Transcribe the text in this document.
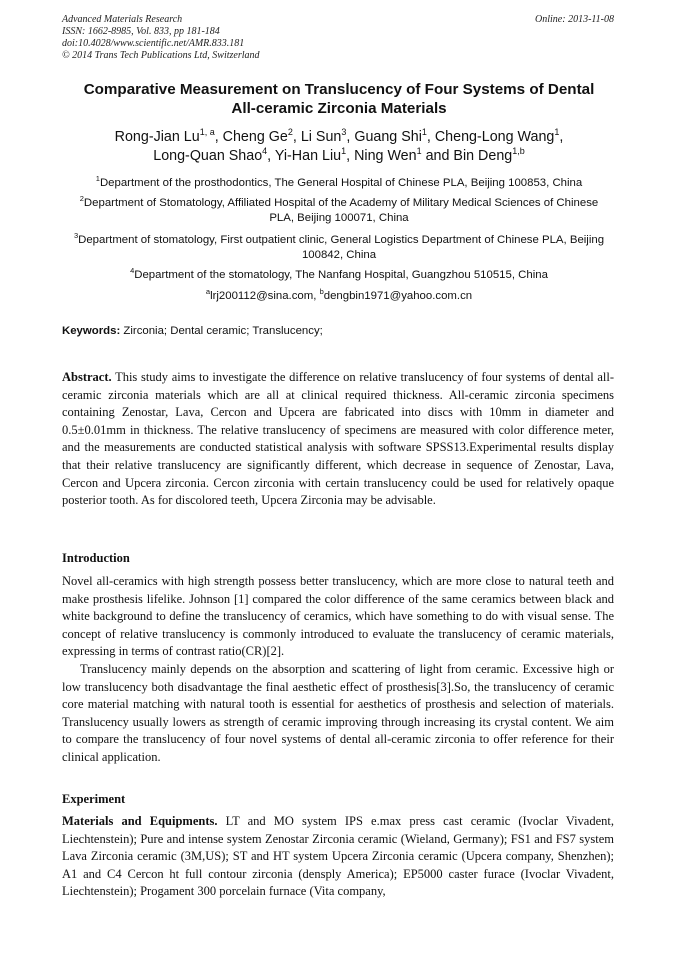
Advanced Materials Research
ISSN: 1662-8985, Vol. 833, pp 181-184
doi:10.4028/www.scientific.net/AMR.833.181
© 2014 Trans Tech Publications Ltd, Switzerland
Online: 2013-11-08
Comparative Measurement on Translucency of Four Systems of Dental
All-ceramic Zirconia Materials
Rong-Jian Lu$^{1, a}$, Cheng Ge$^2$, Li Sun$^3$, Guang Shi$^1$, Cheng-Long Wang$^1$,
Long-Quan Shao$^4$, Yi-Han Liu$^1$, Ning Wen$^1$ and Bin Deng$^{1,b}$
$^1$Department of the prosthodontics, The General Hospital of Chinese PLA, Beijing 100853, China
$^2$Department of Stomatology, Affiliated Hospital of the Academy of Military Medical Sciences of Chinese PLA, Beijing 100071, China
$^3$Department of stomatology, First outpatient clinic, General Logistics Department of Chinese PLA, Beijing 100842, China
$^4$Department of the stomatology, The Nanfang Hospital, Guangzhou 510515, China
$^a$lrj200112@sina.com, $^b$dengbin1971@yahoo.com.cn
Keywords: Zirconia; Dental ceramic; Translucency;

Abstract. This study aims to investigate the difference on relative translucency of four systems of dental all-ceramic zirconia materials which are all at clinical required thickness. All-ceramic zirconia specimens containing Zenostar, Lava, Cercon and Upcera are fabricated into discs with 10mm in diameter and 0.5±0.01mm in thickness. The relative translucency of specimens are measured with color difference meter, and the measurements are conducted statistical analysis with software SPSS13.Experimental results display that their relative translucency are significantly different, which decrease in sequence of Zenostar, Lava, Cercon and Upcera zirconia. Cercon zirconia with certain translucency could be used for relatively opaque posterior tooth. As for discolored teeth, Upcera Zirconia may be advisable.

Introduction

Novel all-ceramics with high strength possess better translucency, which are more close to natural teeth and make prosthesis lifelike. Johnson [1] compared the color difference of the same ceramics between black and white background to define the translucency of ceramics, which have something to do with visual sense. The concept of relative translucency is commonly introduced to evaluate the translucency of ceramic materials, expressing in terms of contrast ratio(CR)[2].

Translucency mainly depends on the absorption and scattering of light from ceramic. Excessive high or low translucency both disadvantage the final aesthetic effect of prosthesis[3].So, the translucency of ceramic core material matching with natural tooth is essential for aesthetics of prosthesis and selection of materials. Translucency usually lowers as strength of ceramic improving through increasing its crystal content. We aim to compare the translucency of four novel systems of dental all-ceramic zirconia to offer reference for their clinical application.

Experiment

Materials and Equipments. LT and MO system IPS e.max press cast ceramic (Ivoclar Vivadent, Liechtenstein); Pure and intense system Zenostar Zirconia ceramic (Wieland, Germany); FS1 and FS7 system Lava Zirconia ceramic (3M,US); ST and HT system Upcera Zirconia ceramic (Upcera company, Shenzhen); A1 and C4 Cercon ht full contour zirconia (densply America); EP5000 caster furace (Ivoclar Vivadent, Liechtenstein); Progament 300 porcelain furnace (Vita company,
